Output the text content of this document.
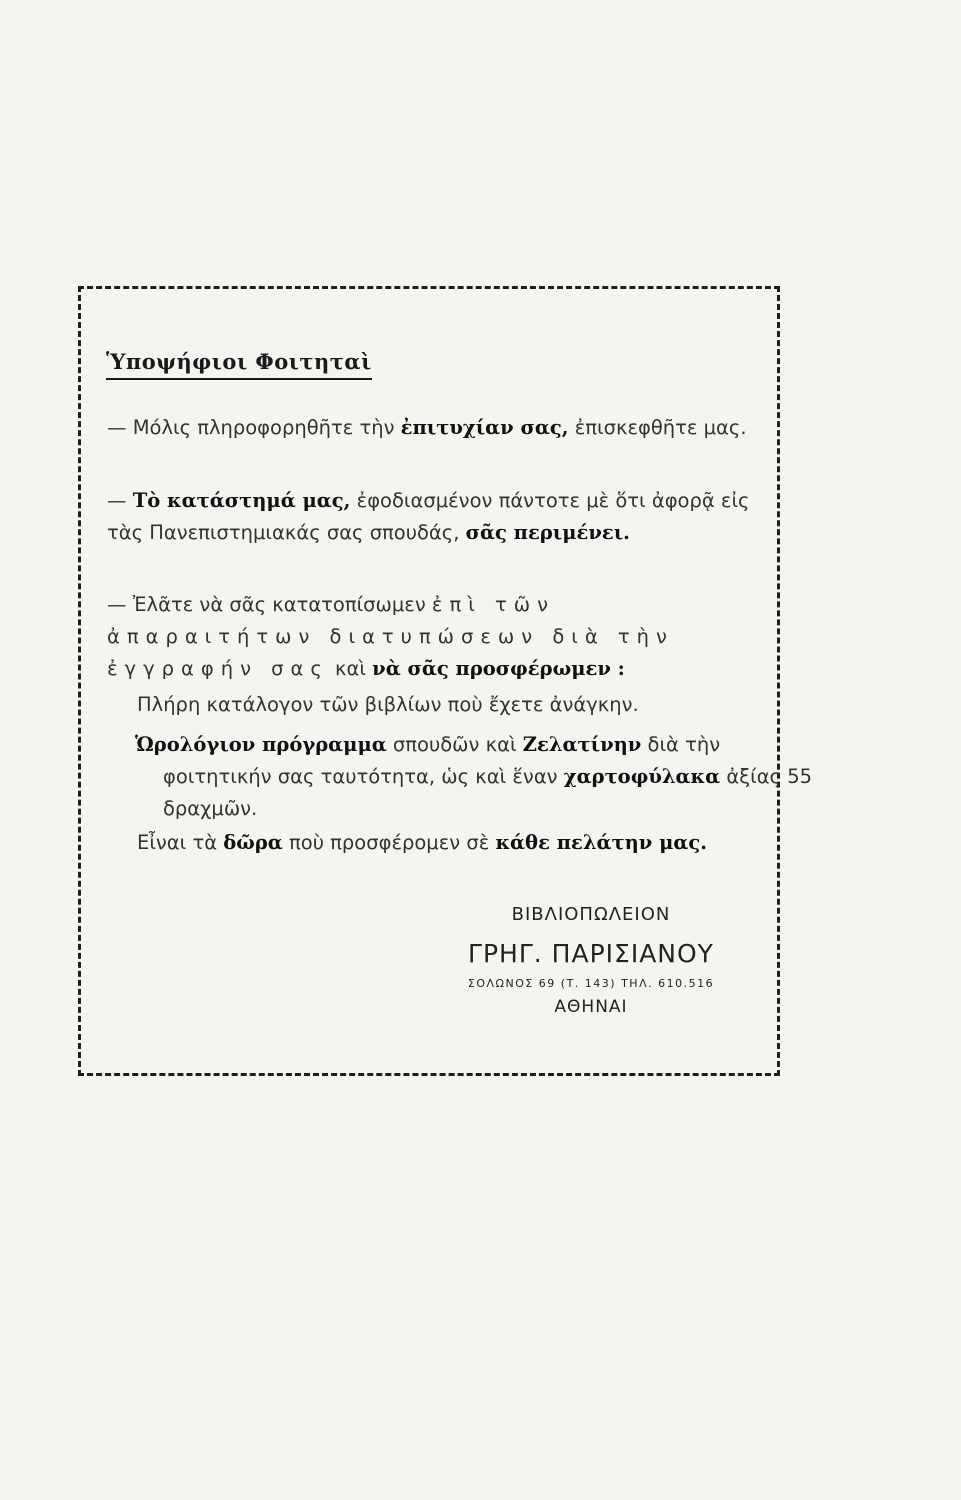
Ὑποψήφιοι Φοιτηταὶ
— Μόλις πληροφορηθῆτε τὴν ἐπιτυχίαν σας, ἐπισκεφθῆτε μας.
— Τὸ κατάστημά μας, ἐφοδιασμένον πάντοτε μὲ ὅτι ἀφορᾷ εἰς τὰς Πανεπιστημιακάς σας σπουδάς, σᾶς περιμένει.
— Ἐλᾶτε νὰ σᾶς κατατοπίσωμεν ἐπὶ τῶν ἀπαραιτήτων διατυπώσεων διὰ τὴν ἐγγραφήν σας καὶ νὰ σᾶς προσφέρωμεν :
Πλήρη κατάλογον τῶν βιβλίων ποὺ ἔχετε ἀνάγκην.
Ὡρολόγιον πρόγραμμα σπουδῶν καὶ Ζελατίνην διὰ τὴν φοιτητικήν σας ταυτότητα, ὡς καὶ ἕναν χαρτοφύλακα ἀξίας 55 δραχμῶν.
Εἶναι τὰ δῶρα ποὺ προσφέρομεν σὲ κάθε πελάτην μας.
ΒΙΒΛΙΟΠΩΛΕΙΟΝ
ΓΡΗΓ. ΠΑΡΙΣΙΑΝΟΥ
ΣΟΛΩΝΟΣ 69 (Τ. 143) ΤΗΛ. 610.516
ΑΘΗΝΑΙ
